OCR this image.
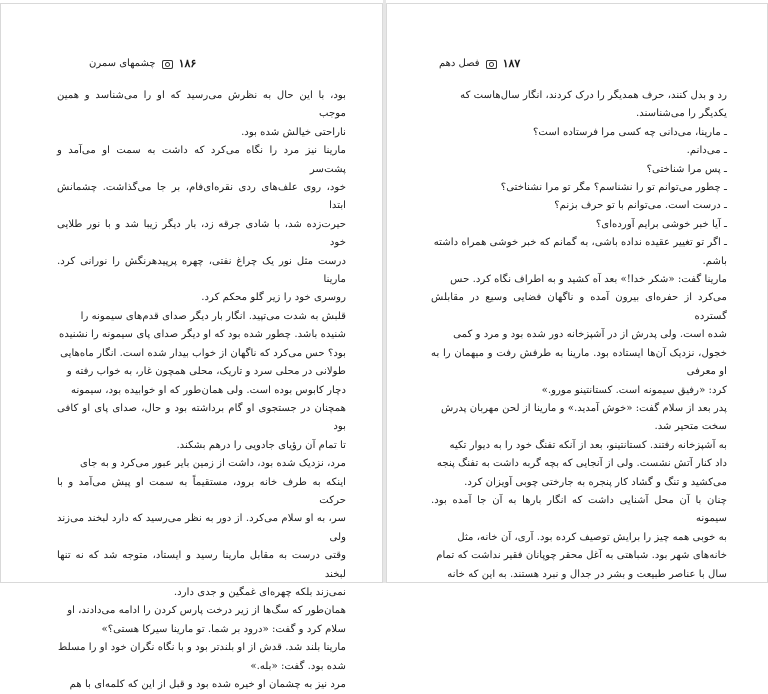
۱۸۶
چشمهای سمرن

بود، با این حال به نظرش می‌رسید که او را می‌شناسد و همین موجب

ناراحتی خیالش شده بود.

مارینا نیز مرد را نگاه می‌کرد که داشت به سمت او می‌آمد و پشت‌سر

خود، روی علف‌های ردی نقره‌ای‌فام، بر جا می‌گذاشت. چشمانش ابتدا

حیرت‌زده شد، با شادی جرقه زد، بار دیگر زیبا شد و با نور طلایی خود

درست مثل نور یک چراغ نفتی، چهره پرپیدهرنگش را نورانی کرد. مارینا

روسری خود را زیر گلو محکم کرد.

قلبش به شدت می‌تپید. انگار بار دیگر صدای قدم‌های سیمونه را

شنیده باشد. چطور شده بود که او دیگر صدای پای سیمونه را نشنیده

بود؟ حس می‌کرد که ناگهان از خواب بیدار شده است. انگار ماه‌هایی

طولانی در محلی سرد و تاریک، محلی همچون غار، به خواب رفته و

دچار کابوس بوده است. ولی همان‌طور که او خوابیده بود، سیمونه

همچنان در جستجوی او گام برداشته بود و حال، صدای پای او کافی بود

تا تمام آن رؤیای جادویی را درهم بشکند.

مرد، نزدیک شده بود، داشت از زمین بایر عبور می‌کرد و به جای

اینکه به طرف خانه برود، مستقیماً به سمت او پیش می‌آمد و با حرکت

سر، به او سلام می‌کرد. از دور به نظر می‌رسید که دارد لبخند می‌زند ولی

وقتی درست به مقابل مارینا رسید و ایستاد، متوجه شد که نه تنها لبخند

نمی‌زند بلکه چهره‌ای غمگین و جدی دارد.

همان‌طور که سگ‌ها از زیر درخت پارس کردن را ادامه می‌دادند، او

سلام کرد و گفت: «درود بر شما. تو مارینا سیرکا هستی؟»

مارینا بلند شد. قدش از او بلندتر بود و با نگاه نگران خود او را مسلط

شده بود. گفت: «بله.»

مرد نیز به چشمان او خیره شده بود و قبل از این که کلمه‌ای با هم

۱۸۷
فصل دهم

رد و بدل کنند، حرف همدیگر را درک کردند، انگار سال‌هاست که

یکدیگر را می‌شناسند.

ـ مارینا، می‌دانی چه کسی مرا فرستاده است؟

ـ می‌دانم.

ـ پس مرا شناختی؟

ـ چطور می‌توانم تو را نشناسم؟ مگر تو مرا نشناختی؟

ـ درست است. می‌توانم با تو حرف بزنم؟

ـ آیا خبر خوشی برایم آورده‌ای؟

ـ اگر تو تغییر عقیده نداده باشی، به گمانم که خبر خوشی همراه داشته

باشم.

مارینا گفت: «شکر خدا!» بعد آه کشید و به اطراف نگاه کرد. حس

می‌کرد از حفره‌ای بیرون آمده و ناگهان فضایی وسیع در مقابلش گسترده

شده است. ولی پدرش از در آشپزخانه دور شده بود و مرد و کمی

خجول، نزدیک آن‌ها ایستاده بود. مارینا به طرفش رفت و میهمان را به او معرفی

کرد: «رفیق سیمونه است. کستانتینو مورو.»

پدر بعد از سلام گفت: «خوش آمدید.» و مارینا از لحن مهربان پدرش

سخت متحیر شد.

به آشپزخانه رفتند. کستانتینو، بعد از آنکه تفنگ خود را به دیوار تکیه

داد کنار آتش نشست. ولی از آنجایی که بچه گربه داشت به تفنگ پنجه

می‌کشید و تنگ و گشاد کار پنجره به جارختی چوبی آویزان کرد.

چنان با آن محل آشنایی داشت که انگار بارها به آن جا آمده بود. سیمونه

به خوبی همه چیز را برایش توصیف کرده بود. آری، آن خانه، مثل

خانه‌های شهر بود. شباهتی به آغل محقر چوپانان فقیر نداشت که تمام

سال با عناصر طبیعت و بشر در جدال و نبرد هستند. به این که خانه
